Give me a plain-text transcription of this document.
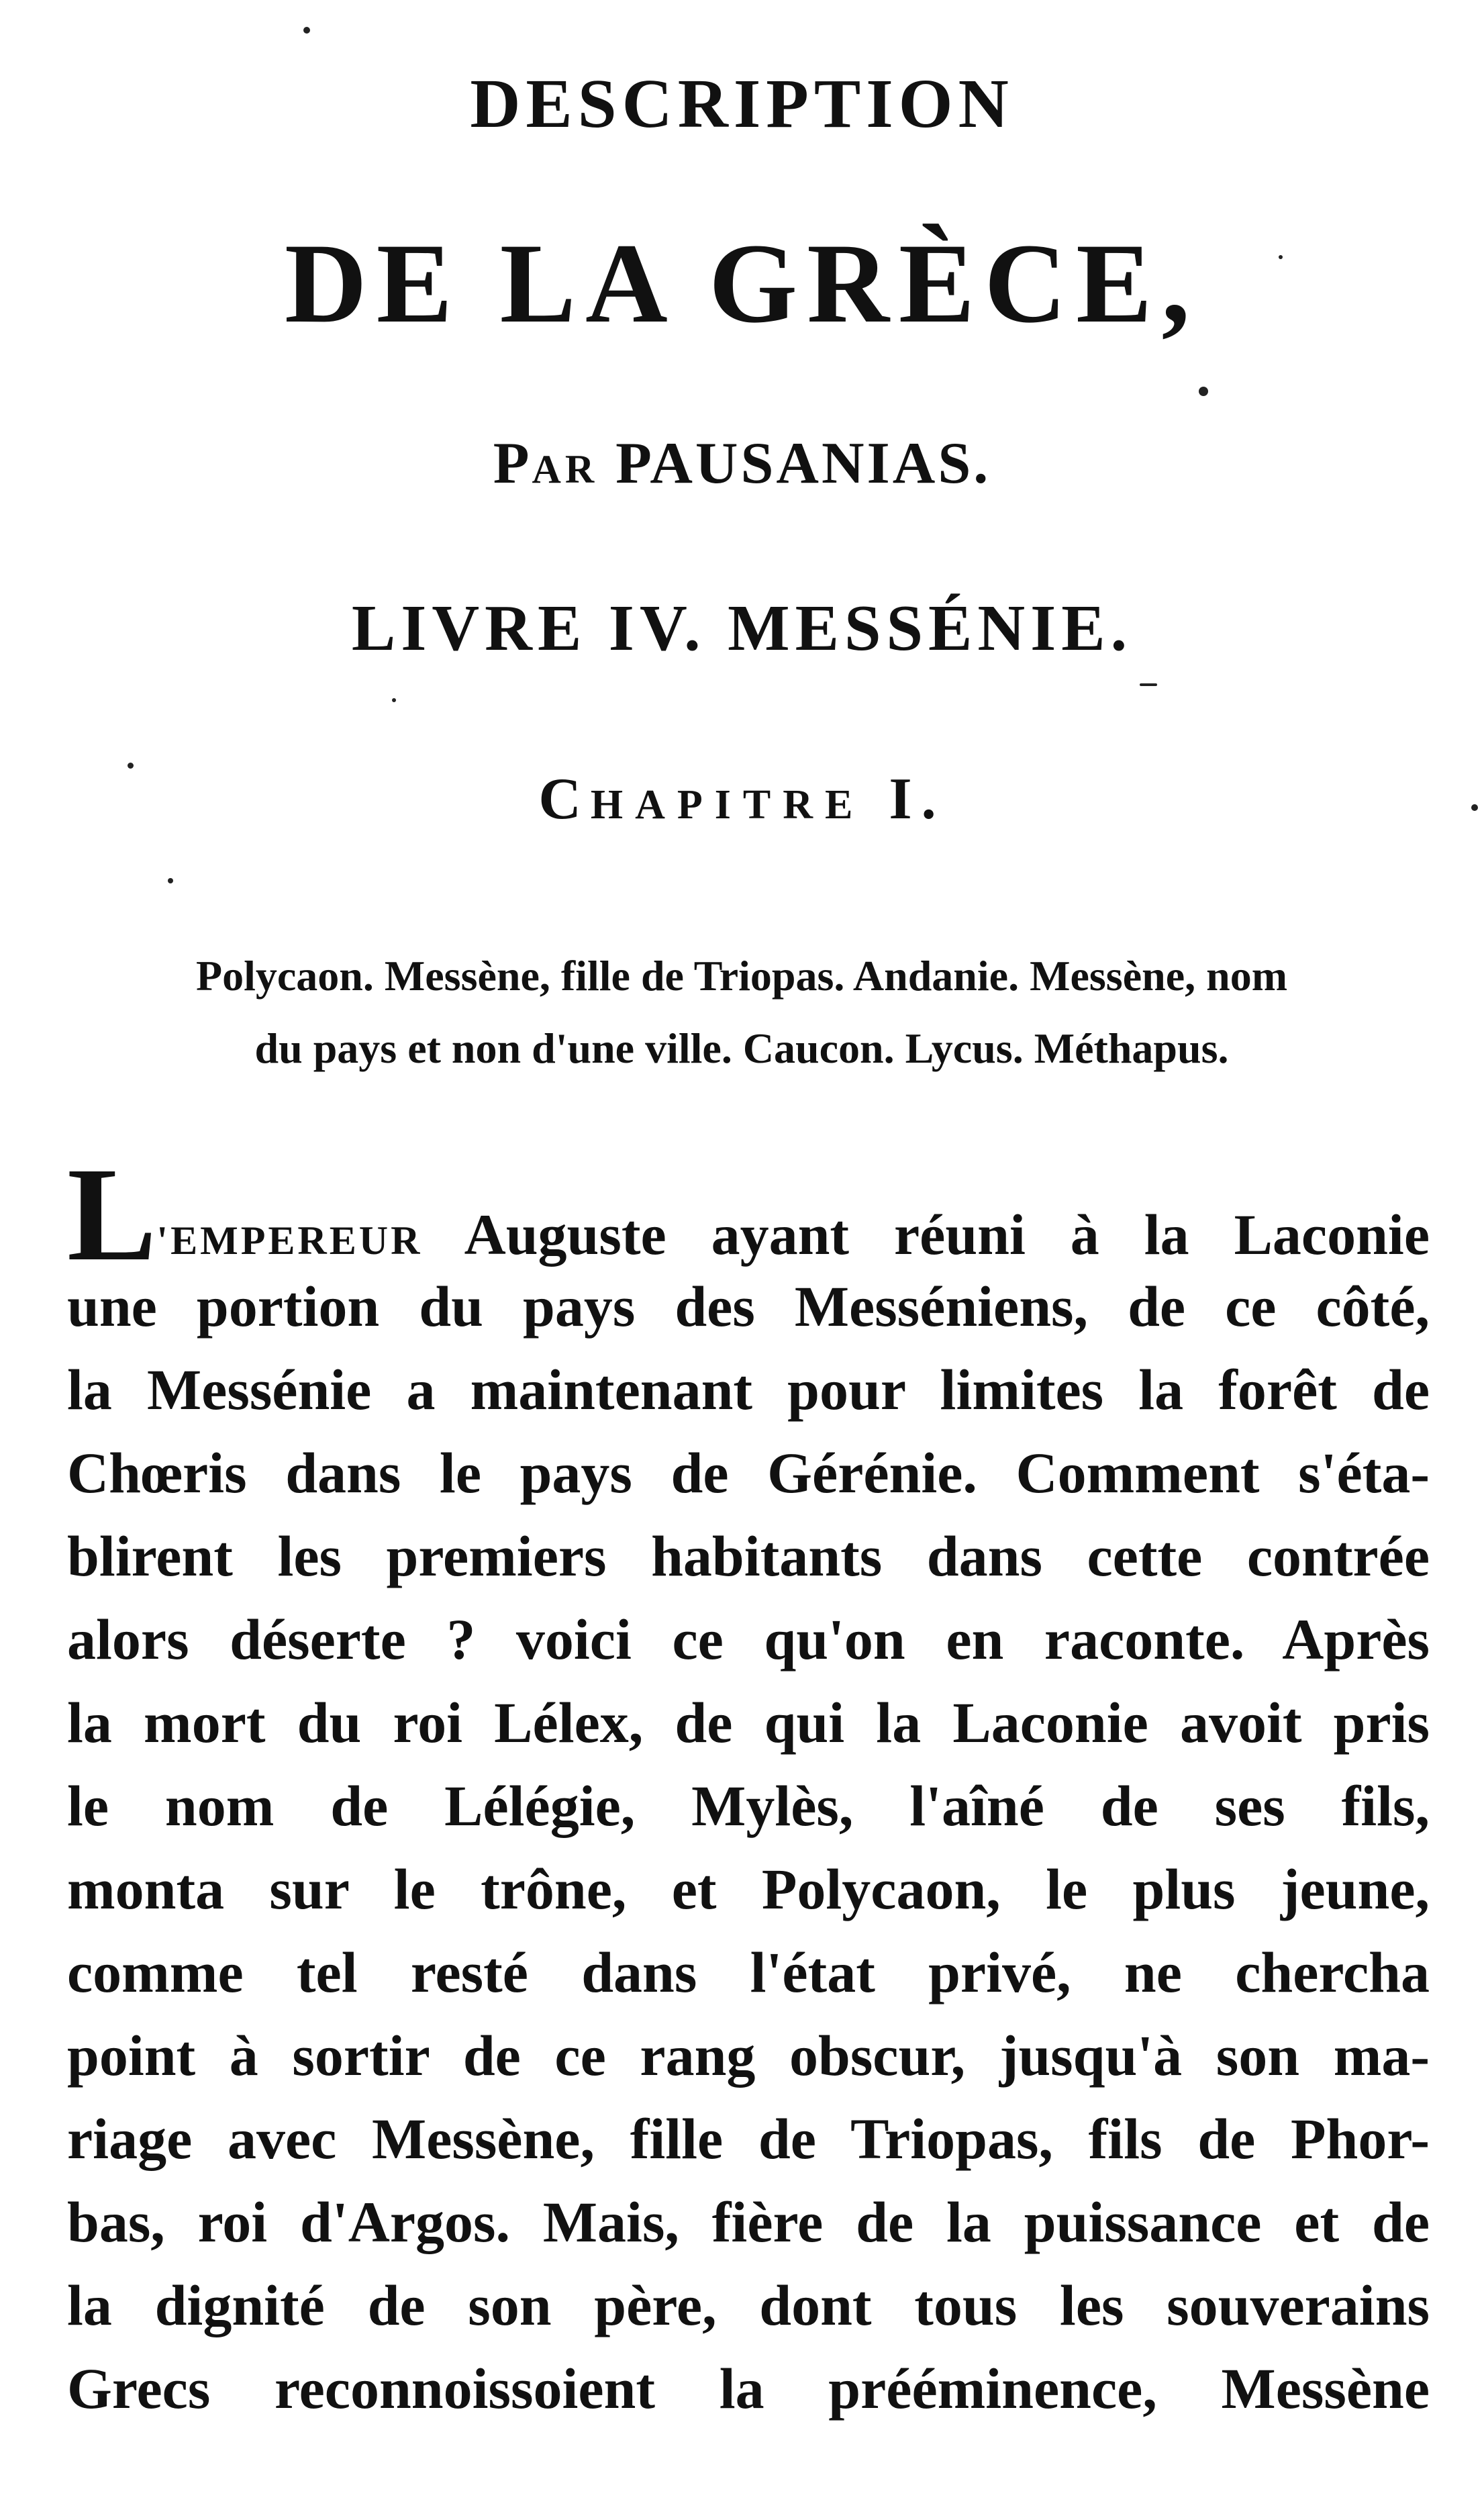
DESCRIPTION
DE LA GRÈCE,
PAR PAUSANIAS.
LIVRE IV. MESSÉNIE.
CHAPITRE I.
Polycaon. Messène, fille de Triopas. Andanie. Messène, nom
du pays et non d'une ville. Caucon. Lycus. Méthapus.
L'EMPEREUR Auguste ayant réuni à la Laconie
une portion du pays des Messéniens, de ce côté,
la Messénie a maintenant pour limites la forêt de
Chœris dans le pays de Gérénie. Comment s'éta-
blirent les premiers habitants dans cette contrée
alors déserte ? voici ce qu'on en raconte. Après
la mort du roi Lélex, de qui la Laconie avoit pris
le nom de Lélégie, Mylès, l'aîné de ses fils,
monta sur le trône, et Polycaon, le plus jeune,
comme tel resté dans l'état privé, ne chercha
point à sortir de ce rang obscur, jusqu'à son ma-
riage avec Messène, fille de Triopas, fils de Phor-
bas, roi d'Argos. Mais, fière de la puissance et de
la dignité de son père, dont tous les souverains
Grecs reconnoissoient la prééminence, Messène
